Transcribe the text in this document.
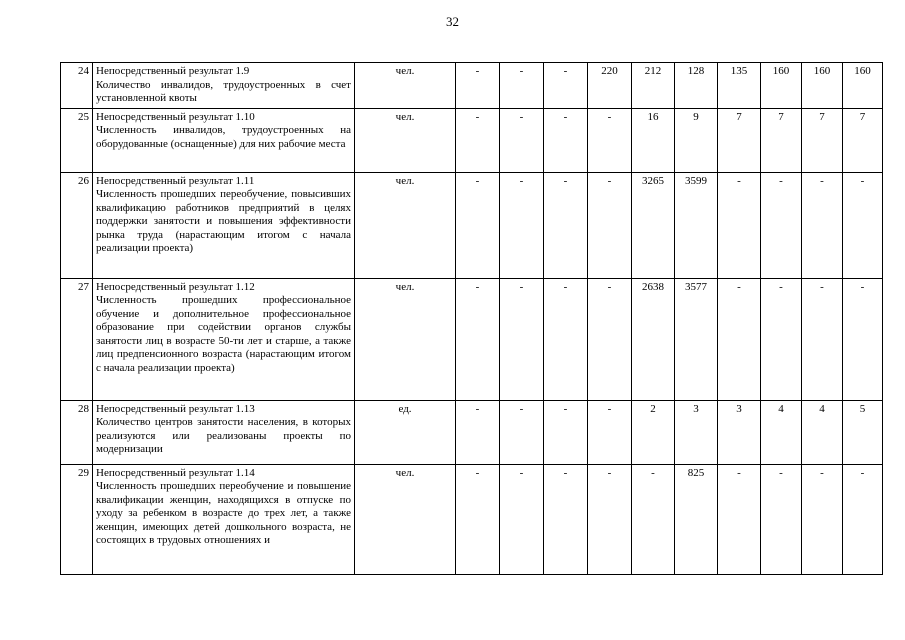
32
24	Непосредственный результат 1.9
Количество инвалидов, трудоустроенных в счет установленной квоты	чел.	-	-	-	220	212	128	135	160	160	160
25	Непосредственный результат 1.10
Численность инвалидов, трудоустроенных на оборудованные (оснащенные) для них рабочие места	чел.	-	-	-	-	16	9	7	7	7	7
26	Непосредственный результат 1.11
Численность прошедших переобучение, повысивших квалификацию работников предприятий в целях поддержки занятости и повышения эффективности рынка труда (нарастающим итогом с начала реализации проекта)	чел.	-	-	-	-	3265	3599	-	-	-	-
27	Непосредственный результат 1.12
Численность прошедших профессиональное обучение и дополнительное профессиональное образование при содействии органов службы занятости лиц в возрасте 50-ти лет и старше, а также лиц предпенсионного возраста (нарастающим итогом с начала реализации проекта)	чел.	-	-	-	-	2638	3577	-	-	-	-
28	Непосредственный результат 1.13
Количество центров занятости населения, в которых реализуются или реализованы проекты по модернизации	ед.	-	-	-	-	2	3	3	4	4	5
29	Непосредственный результат 1.14
Численность прошедших переобучение и повышение квалификации женщин, находящихся в отпуске по уходу за ребенком в возрасте до трех лет, а также женщин, имеющих детей дошкольного возраста, не состоящих в трудовых отношениях и	чел.	-	-	-	-	-	825	-	-	-	-
